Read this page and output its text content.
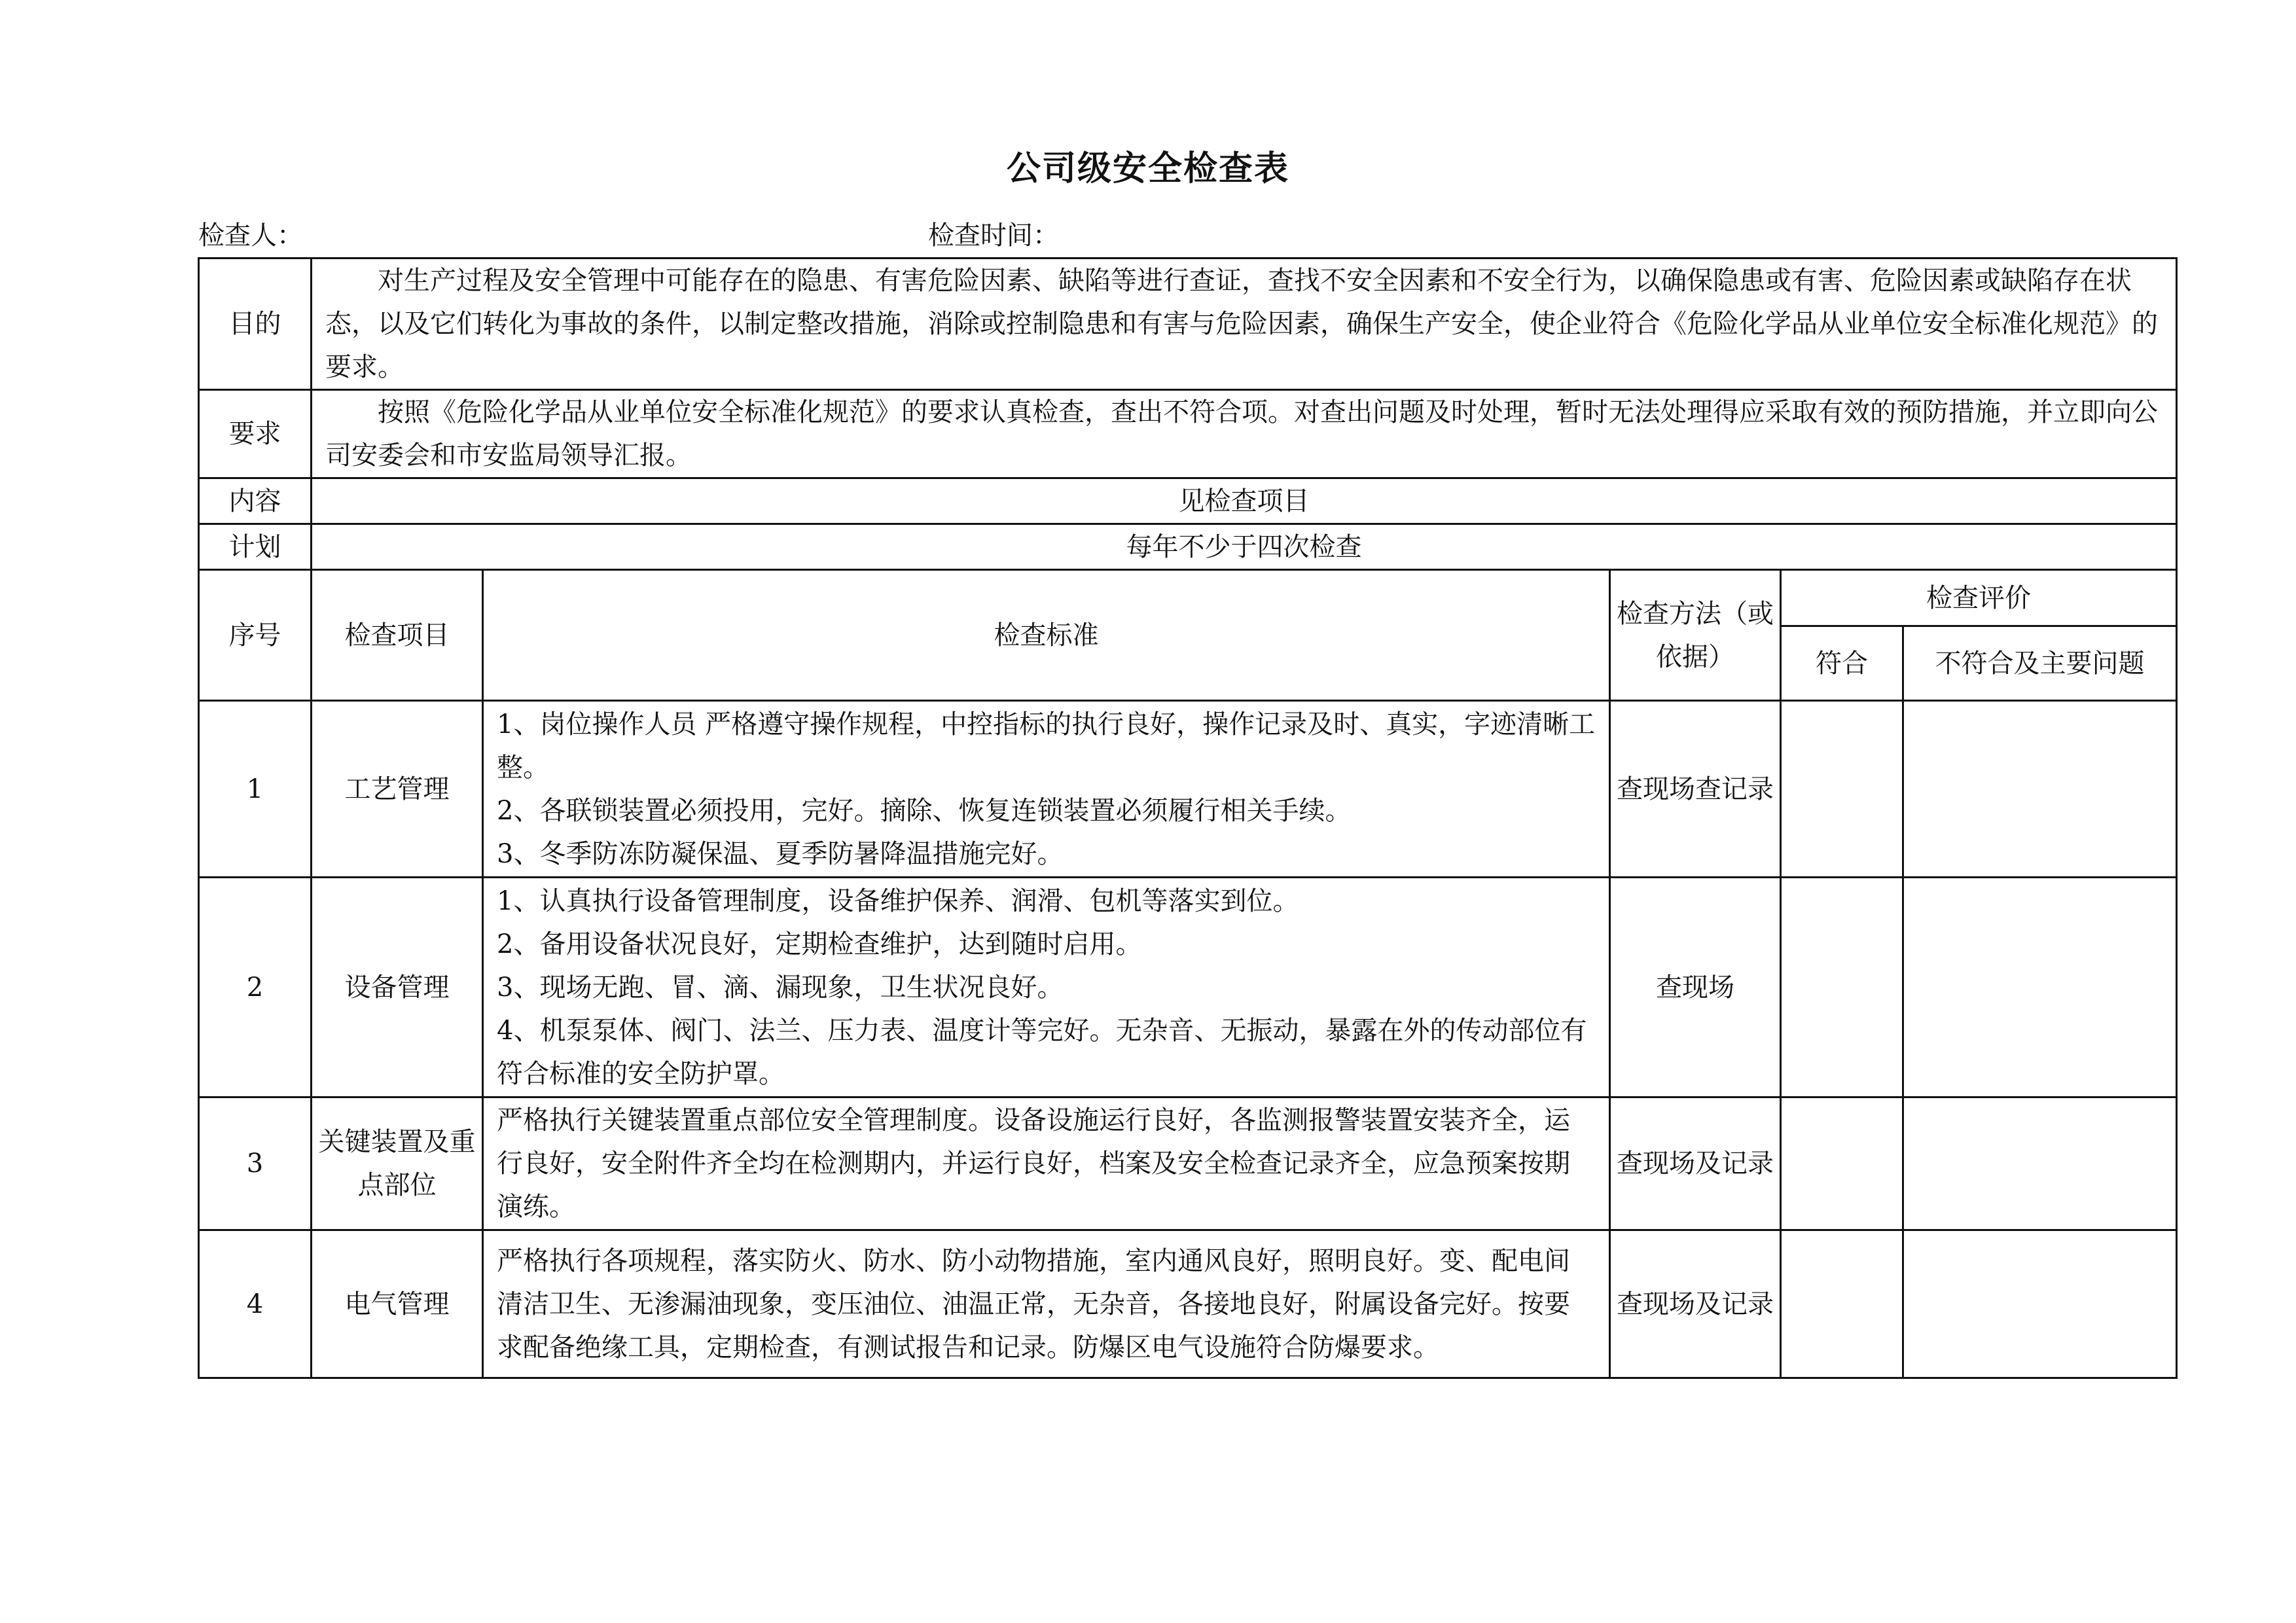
公司级安全检查表
检查人：	检查时间：
目的	对生产过程及安全管理中可能存在的隐患、有害危险因素、缺陷等进行查证，查找不安全因素和不安全行为，以确保隐患或有害、危险因素或缺陷存在状态，以及它们转化为事故的条件，以制定整改措施，消除或控制隐患和有害与危险因素，确保生产安全，使企业符合《危险化学品从业单位安全标准化规范》的要求。				

要求	按照《危险化学品从业单位安全标准化规范》的要求认真检查，查出不符合项。对查出问题及时处理，暂时无法处理得应采取有效的预防措施，并立即向公司安委会和市安监局领导汇报。				

内容	见检查项目				
计划	每年不少于四次检查				
序号	检查项目	检查标准	检查方法（或依据）	检查评价	
				符合	不符合及主要问题
1	工艺管理	1、岗位操作人员 严格遵守操作规程，中控指标的执行良好，操作记录及时、真实，字迹清晰工整。
2、各联锁装置必须投用，完好。摘除、恢复连锁装置必须履行相关手续。
3、冬季防冻防凝保温、夏季防暑降温措施完好。	查现场查记录		
2	设备管理	1、认真执行设备管理制度，设备维护保养、润滑、包机等落实到位。
2、备用设备状况良好，定期检查维护，达到随时启用。
3、现场无跑、冒、滴、漏现象，卫生状况良好。
4、机泵泵体、阀门、法兰、压力表、温度计等完好。无杂音、无振动，暴露在外的传动部位有符合标准的安全防护罩。	查现场		
3	关键装置及重点部位	严格执行关键装置重点部位安全管理制度。设备设施运行良好，各监测报警装置安装齐全，运行良好，安全附件齐全均在检测期内，并运行良好，档案及安全检查记录齐全，应急预案按期演练。	查现场及记录		
4	电气管理	严格执行各项规程，落实防火、防水、防小动物措施，室内通风良好，照明良好。变、配电间清洁卫生、无渗漏油现象，变压油位、油温正常，无杂音，各接地良好，附属设备完好。按要求配备绝缘工具，定期检查，有测试报告和记录。防爆区电气设施符合防爆要求。	查现场及记录		
